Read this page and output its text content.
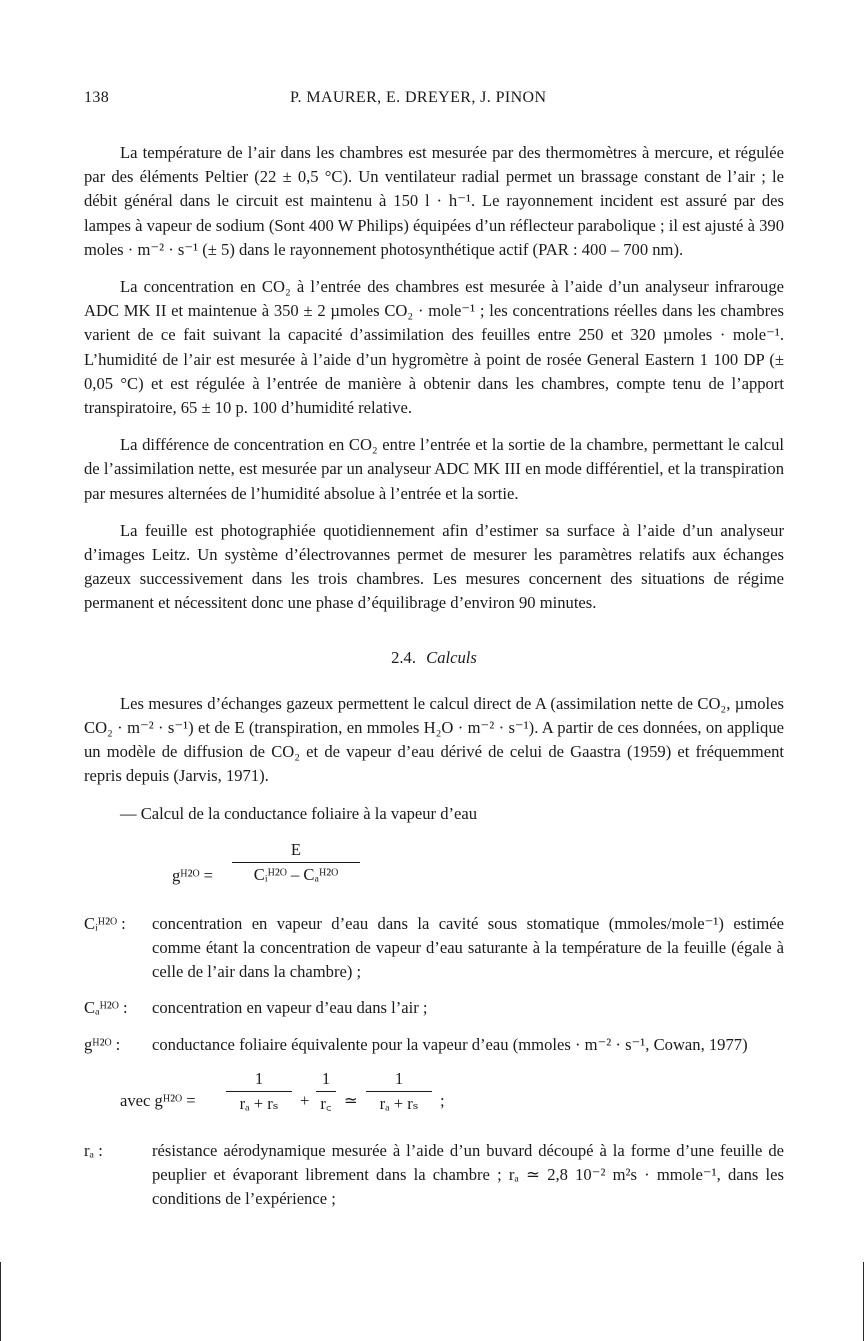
138	P. MAURER, E. DREYER, J. PINON

La température de l’air dans les chambres est mesurée par des thermomètres à mercure, et régulée par des éléments Peltier (22 ± 0,5 °C). Un ventilateur radial permet un brassage constant de l’air ; le débit général dans le circuit est maintenu à 150 l · h⁻¹. Le rayonnement incident est assuré par des lampes à vapeur de sodium (Sont 400 W Philips) équipées d’un réflecteur parabolique ; il est ajusté à 390 moles · m⁻² · s⁻¹ (± 5) dans le rayonnement photosynthétique actif (PAR : 400 – 700 nm).

La concentration en CO₂ à l’entrée des chambres est mesurée à l’aide d’un analyseur infrarouge ADC MK II et maintenue à 350 ± 2 µmoles CO₂ · mole⁻¹ ; les concentrations réelles dans les chambres varient de ce fait suivant la capacité d’assimilation des feuilles entre 250 et 320 µmoles · mole⁻¹. L’humidité de l’air est mesurée à l’aide d’un hygromètre à point de rosée General Eastern 1 100 DP (± 0,05 °C) et est régulée à l’entrée de manière à obtenir dans les chambres, compte tenu de l’apport transpiratoire, 65 ± 10 p. 100 d’humidité relative.

La différence de concentration en CO₂ entre l’entrée et la sortie de la chambre, permettant le calcul de l’assimilation nette, est mesurée par un analyseur ADC MK III en mode différentiel, et la transpiration par mesures alternées de l’humidité absolue à l’entrée et la sortie.

La feuille est photographiée quotidiennement afin d’estimer sa surface à l’aide d’un analyseur d’images Leitz. Un système d’électrovannes permet de mesurer les paramètres relatifs aux échanges gazeux successivement dans les trois chambres. Les mesures concernent des situations de régime permanent et nécessitent donc une phase d’équilibrage d’environ 90 minutes.

2.4. Calculs

Les mesures d’échanges gazeux permettent le calcul direct de A (assimilation nette de CO₂, µmoles CO₂ · m⁻² · s⁻¹) et de E (transpiration, en mmoles H₂O · m⁻² · s⁻¹). A partir de ces données, on applique un modèle de diffusion de CO₂ et de vapeur d’eau dérivé de celui de Gaastra (1959) et fréquemment repris depuis (Jarvis, 1971).

— Calcul de la conductance foliaire à la vapeur d’eau
gᴴ²ᴼ =
E
Cᵢᴴ²ᴼ – Cₐᴴ²ᴼ
Cᵢᴴ²ᴼ :	concentration en vapeur d’eau dans la cavité sous stomatique (mmoles/mole⁻¹) estimée comme étant la concentration de vapeur d’eau saturante à la température de la feuille (égale à celle de l’air dans la chambre) ;
Cₐᴴ²ᴼ :	concentration en vapeur d’eau dans l’air ;
gᴴ²ᴼ :	conductance foliaire équivalente pour la vapeur d’eau (mmoles · m⁻² · s⁻¹, Cowan, 1977)
avec gᴴ²ᴼ =
1
rₐ + rₛ	+
1
r꜀ ≃
1
rₐ + rₛ	;
rₐ :	résistance aérodynamique mesurée à l’aide d’un buvard découpé à la forme d’une feuille de peuplier et évaporant librement dans la chambre ; rₐ ≃ 2,8 10⁻² m²s · mmole⁻¹, dans les conditions de l’expérience ;
